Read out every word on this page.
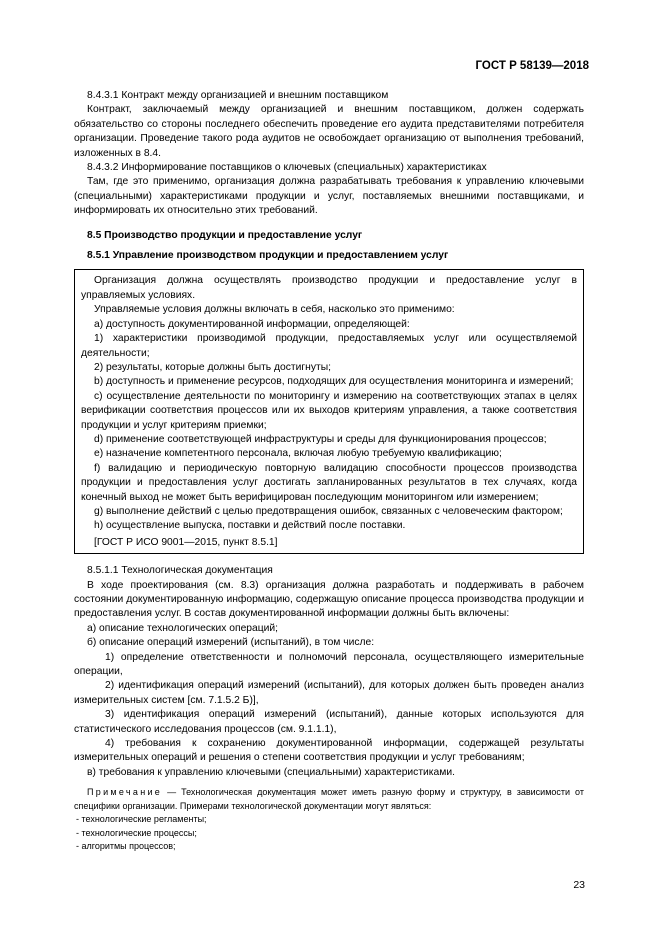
ГОСТ Р 58139—2018

8.4.3.1 Контракт между организацией и внешним поставщиком

Контракт, заключаемый между организацией и внешним поставщиком, должен содержать обязательство со стороны последнего обеспечить проведение его аудита представителями потребителя организации. Проведение такого рода аудитов не освобождает организацию от выполнения требований, изложенных в 8.4.

8.4.3.2 Информирование поставщиков о ключевых (специальных) характеристиках

Там, где это применимо, организация должна разрабатывать требования к управлению ключевыми (специальными) характеристиками продукции и услуг, поставляемых внешними поставщиками, и информировать их относительно этих требований.

8.5 Производство продукции и предоставление услуг

8.5.1 Управление производством продукции и предоставлением услуг

Организация должна осуществлять производство продукции и предоставление услуг в управляемых условиях.

Управляемые условия должны включать в себя, насколько это применимо:

a) доступность документированной информации, определяющей:

1) характеристики производимой продукции, предоставляемых услуг или осуществляемой деятельности;

2) результаты, которые должны быть достигнуты;

b) доступность и применение ресурсов, подходящих для осуществления мониторинга и измерений;

c) осуществление деятельности по мониторингу и измерению на соответствующих этапах в целях верификации соответствия процессов или их выходов критериям управления, а также соответствия продукции и услуг критериям приемки;

d) применение соответствующей инфраструктуры и среды для функционирования процессов;

e) назначение компетентного персонала, включая любую требуемую квалификацию;

f) валидацию и периодическую повторную валидацию способности процессов производства продукции и предоставления услуг достигать запланированных результатов в тех случаях, когда конечный выход не может быть верифицирован последующим мониторингом или измерением;

g) выполнение действий с целью предотвращения ошибок, связанных с человеческим фактором;

h) осуществление выпуска, поставки и действий после поставки.

[ГОСТ Р ИСО 9001—2015, пункт 8.5.1]

8.5.1.1 Технологическая документация

В ходе проектирования (см. 8.3) организация должна разработать и поддерживать в рабочем состоянии документированную информацию, содержащую описание процесса производства продукции и предоставления услуг. В состав документированной информации должны быть включены:

а) описание технологических операций;

б) описание операций измерений (испытаний), в том числе:

1) определение ответственности и полномочий персонала, осуществляющего измерительные операции,

2) идентификация операций измерений (испытаний), для которых должен быть проведен анализ измерительных систем [см. 7.1.5.2 Б)],

3) идентификация операций измерений (испытаний), данные которых используются для статистического исследования процессов (см. 9.1.1.1),

4) требования к сохранению документированной информации, содержащей результаты измерительных операций и решения о степени соответствия продукции и услуг требованиям;

в) требования к управлению ключевыми (специальными) характеристиками.

Примечание — Технологическая документация может иметь разную форму и структуру, в зависимости от специфики организации. Примерами технологической документации могут являться:

- технологические регламенты;

- технологические процессы;

- алгоритмы процессов;

23
